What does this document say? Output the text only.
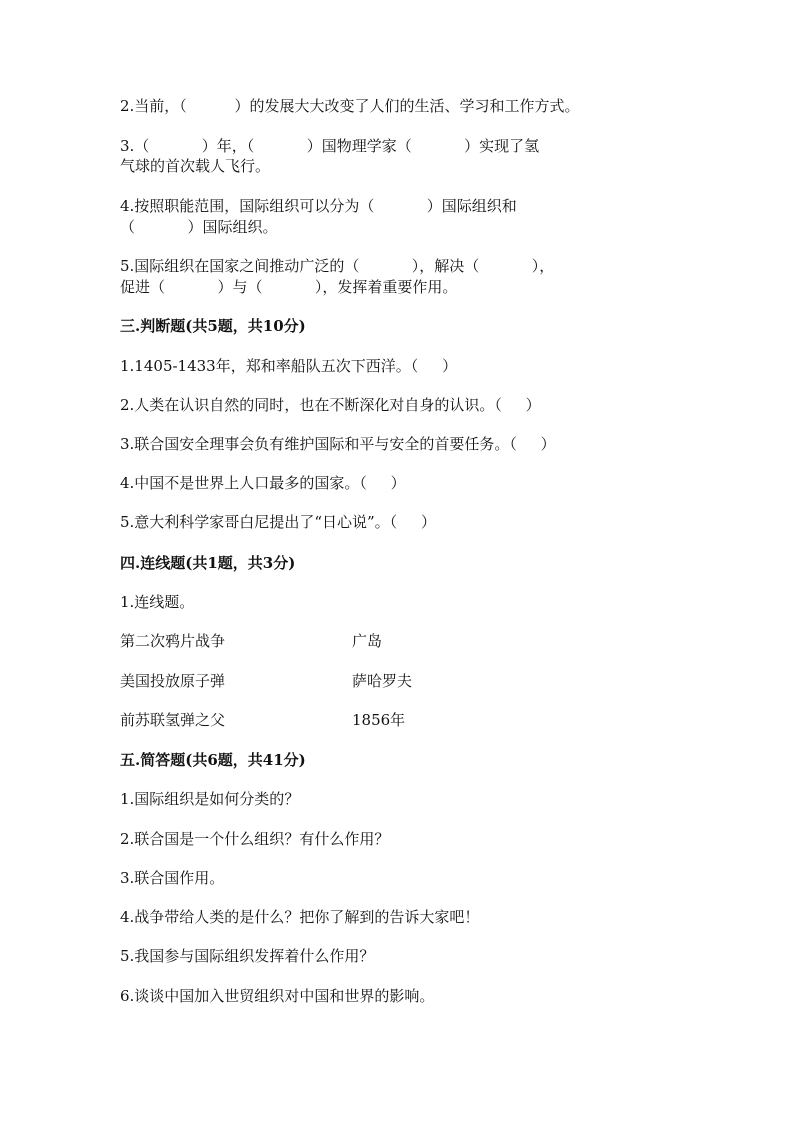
2.当前，（          ）的发展大大改变了人们的生活、学习和工作方式。
3.（           ）年，（           ）国物理学家（           ）实现了氢
气球的首次载人飞行。
4.按照职能范围，国际组织可以分为（           ）国际组织和
（           ）国际组织。
5.国际组织在国家之间推动广泛的（           ），解决（           ），
促进（           ）与（           ），发挥着重要作用。
三.判断题(共5题，共10分)
1.1405-1433年，郑和率船队五次下西洋。（     ）
2.人类在认识自然的同时，也在不断深化对自身的认识。（     ）
3.联合国安全理事会负有维护国际和平与安全的首要任务。（     ）
4.中国不是世界上人口最多的国家。（     ）
5.意大利科学家哥白尼提出了“日心说”。（     ）
四.连线题(共1题，共3分)
1.连线题。
第二次鸦片战争	广岛
美国投放原子弹	萨哈罗夫
前苏联氢弹之父	1856年
五.简答题(共6题，共41分)
1.国际组织是如何分类的？
2.联合国是一个什么组织？有什么作用？
3.联合国作用。
4.战争带给人类的是什么？把你了解到的告诉大家吧！
5.我国参与国际组织发挥着什么作用？
6.谈谈中国加入世贸组织对中国和世界的影响。
